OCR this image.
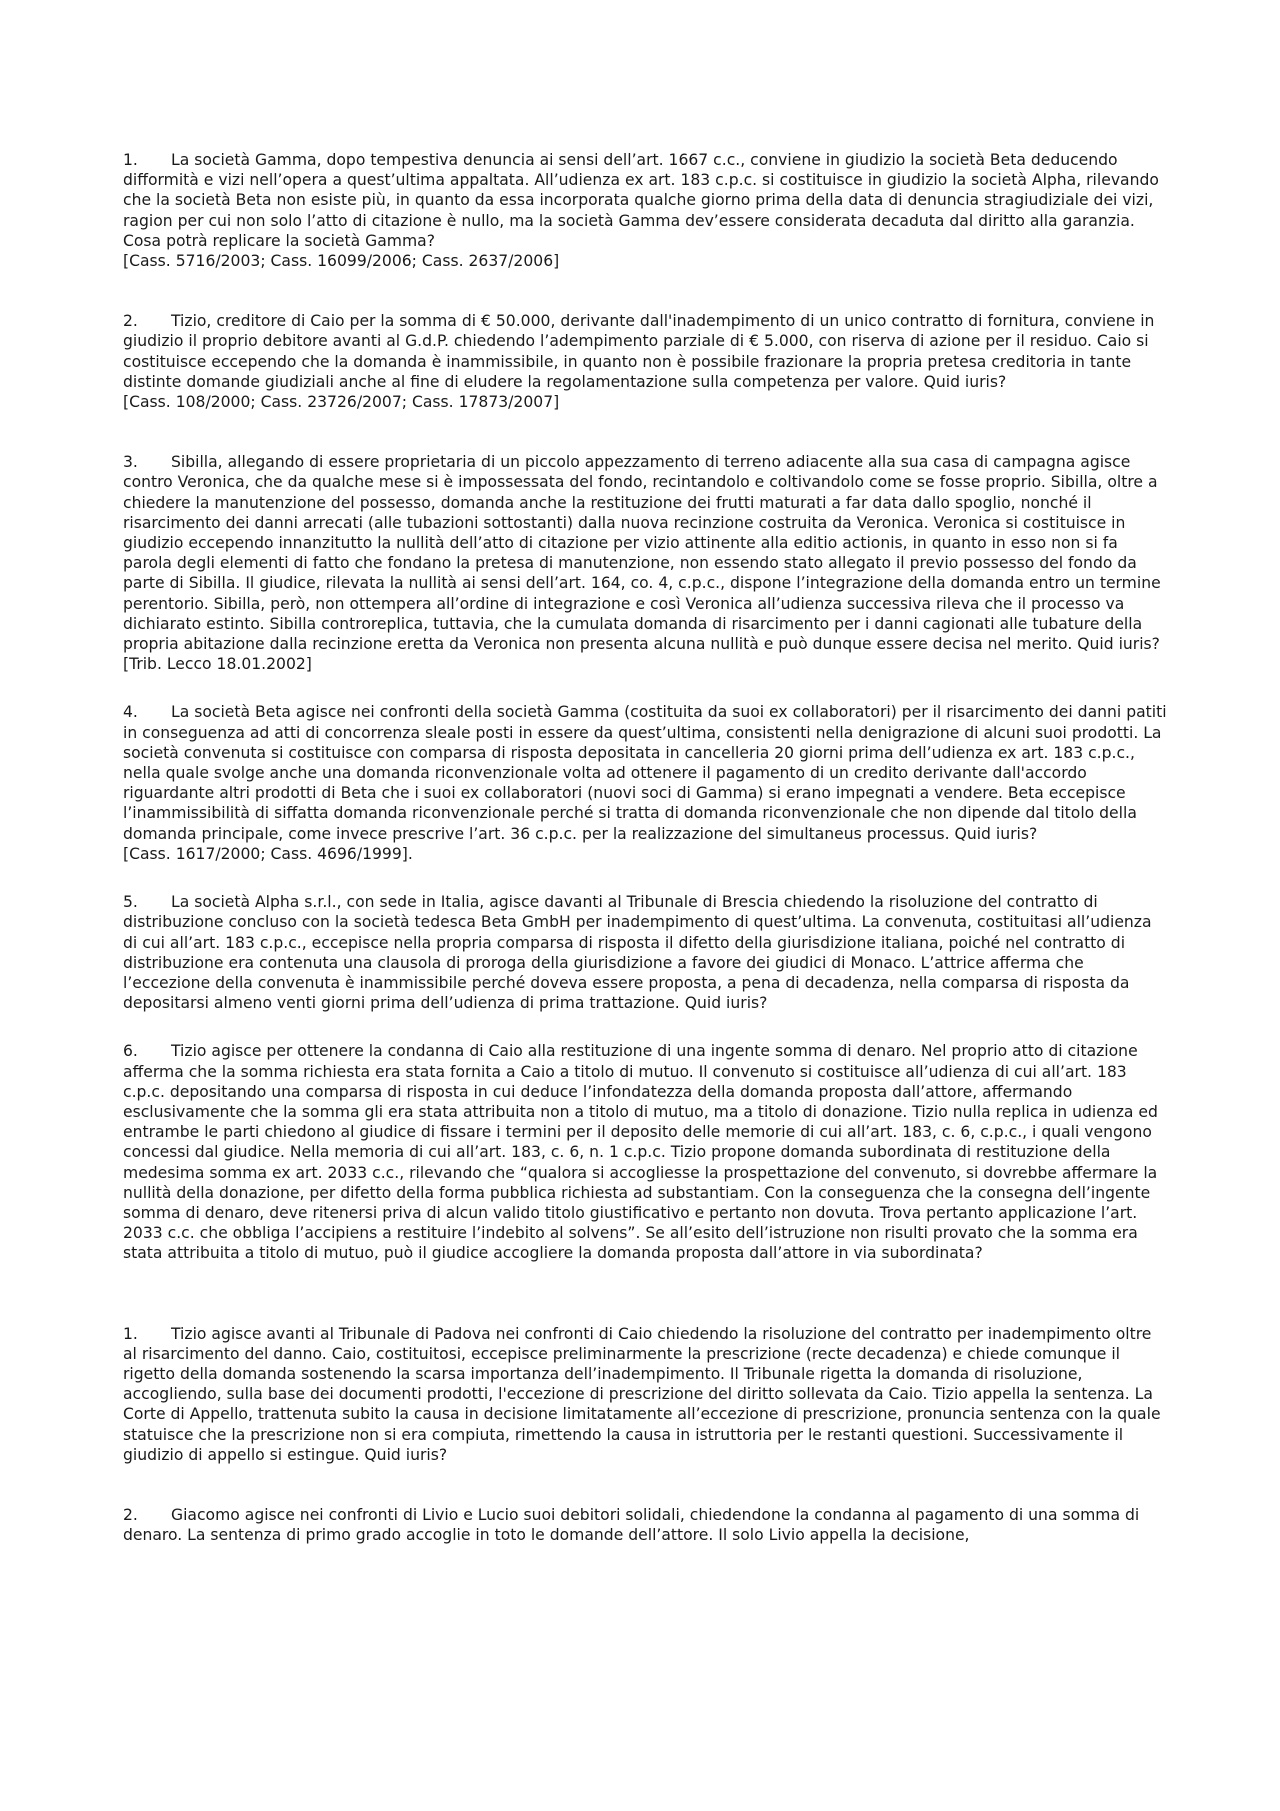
1. La società Gamma, dopo tempestiva denuncia ai sensi dell’art. 1667 c.c., conviene in giudizio la società Beta deducendo difformità e vizi nell’opera a quest’ultima appaltata. All’udienza ex art. 183 c.p.c. si costituisce in giudizio la società Alpha, rilevando che la società Beta non esiste più, in quanto da essa incorporata qualche giorno prima della data di denuncia stragiudiziale dei vizi, ragion per cui non solo l’atto di citazione è nullo, ma la società Gamma dev’essere considerata decaduta dal diritto alla garanzia.

Cosa potrà replicare la società Gamma?

[Cass. 5716/2003; Cass. 16099/2006; Cass. 2637/2006]

2. Tizio, creditore di Caio per la somma di € 50.000, derivante dall'inadempimento di un unico contratto di fornitura, conviene in giudizio il proprio debitore avanti al G.d.P. chiedendo l’adempimento parziale di € 5.000, con riserva di azione per il residuo. Caio si costituisce eccependo che la domanda è inammissibile, in quanto non è possibile frazionare la propria pretesa creditoria in tante distinte domande giudiziali anche al fine di eludere la regolamentazione sulla competenza per valore. Quid iuris?

[Cass. 108/2000; Cass. 23726/2007; Cass. 17873/2007]

3. Sibilla, allegando di essere proprietaria di un piccolo appezzamento di terreno adiacente alla sua casa di campagna agisce contro Veronica, che da qualche mese si è impossessata del fondo, recintandolo e coltivandolo come se fosse proprio. Sibilla, oltre a chiedere la manutenzione del possesso, domanda anche la restituzione dei frutti maturati a far data dallo spoglio, nonché il risarcimento dei danni arrecati (alle tubazioni sottostanti) dalla nuova recinzione costruita da Veronica. Veronica si costituisce in giudizio eccependo innanzitutto la nullità dell’atto di citazione per vizio attinente alla editio actionis, in quanto in esso non si fa parola degli elementi di fatto che fondano la pretesa di manutenzione, non essendo stato allegato il previo possesso del fondo da parte di Sibilla. Il giudice, rilevata la nullità ai sensi dell’art. 164, co. 4, c.p.c., dispone l’integrazione della domanda entro un termine perentorio. Sibilla, però, non ottempera all’ordine di integrazione e così Veronica all’udienza successiva rileva che il processo va dichiarato estinto. Sibilla controreplica, tuttavia, che la cumulata domanda di risarcimento per i danni cagionati alle tubature della propria abitazione dalla recinzione eretta da Veronica non presenta alcuna nullità e può dunque essere decisa nel merito. Quid iuris?

[Trib. Lecco 18.01.2002]

4. La società Beta agisce nei confronti della società Gamma (costituita da suoi ex collaboratori) per il risarcimento dei danni patiti in conseguenza ad atti di concorrenza sleale posti in essere da quest’ultima, consistenti nella denigrazione di alcuni suoi prodotti. La società convenuta si costituisce con comparsa di risposta depositata in cancelleria 20 giorni prima dell’udienza ex art. 183 c.p.c., nella quale svolge anche una domanda riconvenzionale volta ad ottenere il pagamento di un credito derivante dall'accordo riguardante altri prodotti di Beta che i suoi ex collaboratori (nuovi soci di Gamma) si erano impegnati a vendere. Beta eccepisce l’inammissibilità di siffatta domanda riconvenzionale perché si tratta di domanda riconvenzionale che non dipende dal titolo della domanda principale, come invece prescrive l’art. 36 c.p.c. per la realizzazione del simultaneus processus. Quid iuris?

[Cass. 1617/2000; Cass. 4696/1999].

5. La società Alpha s.r.l., con sede in Italia, agisce davanti al Tribunale di Brescia chiedendo la risoluzione del contratto di distribuzione concluso con la società tedesca Beta GmbH per inadempimento di quest’ultima. La convenuta, costituitasi all’udienza di cui all’art. 183 c.p.c., eccepisce nella propria comparsa di risposta il difetto della giurisdizione italiana, poiché nel contratto di distribuzione era contenuta una clausola di proroga della giurisdizione a favore dei giudici di Monaco. L’attrice afferma che l’eccezione della convenuta è inammissibile perché doveva essere proposta, a pena di decadenza, nella comparsa di risposta da depositarsi almeno venti giorni prima dell’udienza di prima trattazione. Quid iuris?

6. Tizio agisce per ottenere la condanna di Caio alla restituzione di una ingente somma di denaro. Nel proprio atto di citazione afferma che la somma richiesta era stata fornita a Caio a titolo di mutuo. Il convenuto si costituisce all’udienza di cui all’art. 183 c.p.c. depositando una comparsa di risposta in cui deduce l’infondatezza della domanda proposta dall’attore, affermando esclusivamente che la somma gli era stata attribuita non a titolo di mutuo, ma a titolo di donazione. Tizio nulla replica in udienza ed entrambe le parti chiedono al giudice di fissare i termini per il deposito delle memorie di cui all’art. 183, c. 6, c.p.c., i quali vengono concessi dal giudice. Nella memoria di cui all’art. 183, c. 6, n. 1 c.p.c. Tizio propone domanda subordinata di restituzione della medesima somma ex art. 2033 c.c., rilevando che “qualora si accogliesse la prospettazione del convenuto, si dovrebbe affermare la nullità della donazione, per difetto della forma pubblica richiesta ad substantiam. Con la conseguenza che la consegna dell’ingente somma di denaro, deve ritenersi priva di alcun valido titolo giustificativo e pertanto non dovuta. Trova pertanto applicazione l’art. 2033 c.c. che obbliga l’accipiens a restituire l’indebito al solvens”. Se all’esito dell’istruzione non risulti provato che la somma era stata attribuita a titolo di mutuo, può il giudice accogliere la domanda proposta dall’attore in via subordinata?

1. Tizio agisce avanti al Tribunale di Padova nei confronti di Caio chiedendo la risoluzione del contratto per inadempimento oltre al risarcimento del danno. Caio, costituitosi, eccepisce preliminarmente la prescrizione (recte decadenza) e chiede comunque il rigetto della domanda sostenendo la scarsa importanza dell’inadempimento. Il Tribunale rigetta la domanda di risoluzione, accogliendo, sulla base dei documenti prodotti, l'eccezione di prescrizione del diritto sollevata da Caio. Tizio appella la sentenza. La Corte di Appello, trattenuta subito la causa in decisione limitatamente all’eccezione di prescrizione, pronuncia sentenza con la quale statuisce che la prescrizione non si era compiuta, rimettendo la causa in istruttoria per le restanti questioni. Successivamente il giudizio di appello si estingue. Quid iuris?

2. Giacomo agisce nei confronti di Livio e Lucio suoi debitori solidali, chiedendone la condanna al pagamento di una somma di denaro. La sentenza di primo grado accoglie in toto le domande dell’attore. Il solo Livio appella la decisione,
